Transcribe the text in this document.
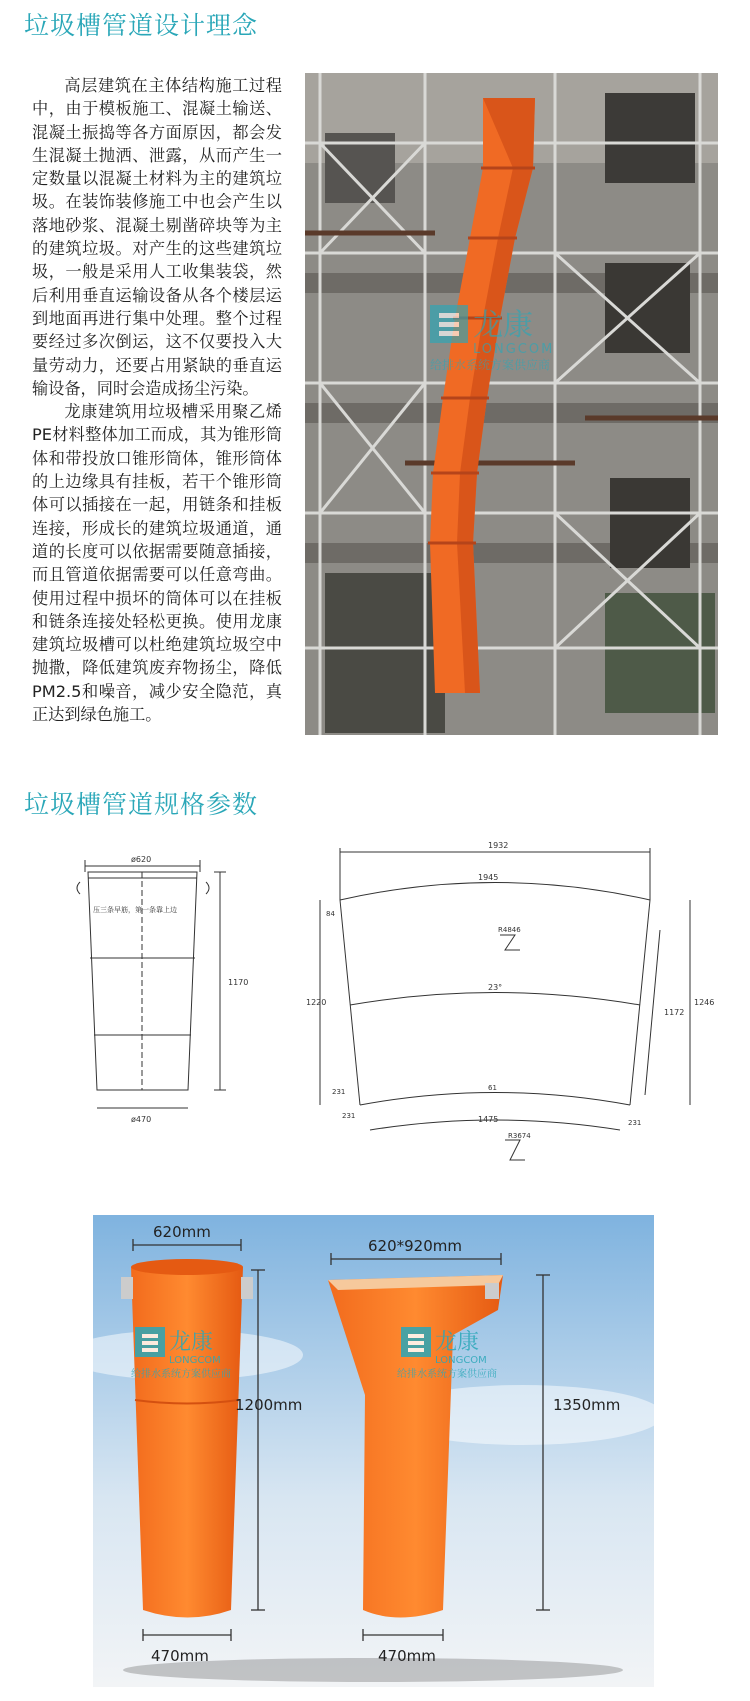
垃圾槽管道设计理念

高层建筑在主体结构施工过程中，由于模板施工、混凝土输送、混凝土振捣等各方面原因，都会发生混凝土抛洒、泄露，从而产生一定数量以混凝土材料为主的建筑垃圾。在装饰装修施工中也会产生以落地砂浆、混凝土剔凿碎块等为主的建筑垃圾。对产生的这些建筑垃圾，一般是采用人工收集装袋，然后利用垂直运输设备从各个楼层运到地面再进行集中处理。整个过程要经过多次倒运，这不仅要投入大量劳动力，还要占用紧缺的垂直运输设备，同时会造成扬尘污染。

龙康建筑用垃圾槽采用聚乙烯PE材料整体加工而成，其为锥形筒体和带投放口锥形筒体，锥形筒体的上边缘具有挂板，若干个锥形筒体可以插接在一起，用链条和挂板连接，形成长的建筑垃圾通道，通道的长度可以依据需要随意插接，而且管道依据需要可以任意弯曲。使用过程中损坏的筒体可以在挂板和链条连接处轻松更换。使用龙康建筑垃圾槽可以杜绝建筑垃圾空中抛撒，降低建筑废弃物扬尘，降低PM2.5和噪音，减少安全隐范，真正达到绿色施工。

龙康
LONGCOM
给排水系统方案供应商
垃圾槽管道规格参数
ø620
ø470
1170
压三条早筋，第一条靠上边
1932
1945
1475
R4846
R3674
1220	1246
1172
23°
84
61
231
231
231
620mm
1200mm
470mm
620*920mm
1350mm
470mm
龙康
LONGCOM
给排水系统方案供应商
龙康
LONGCOM
给排水系统方案供应商
